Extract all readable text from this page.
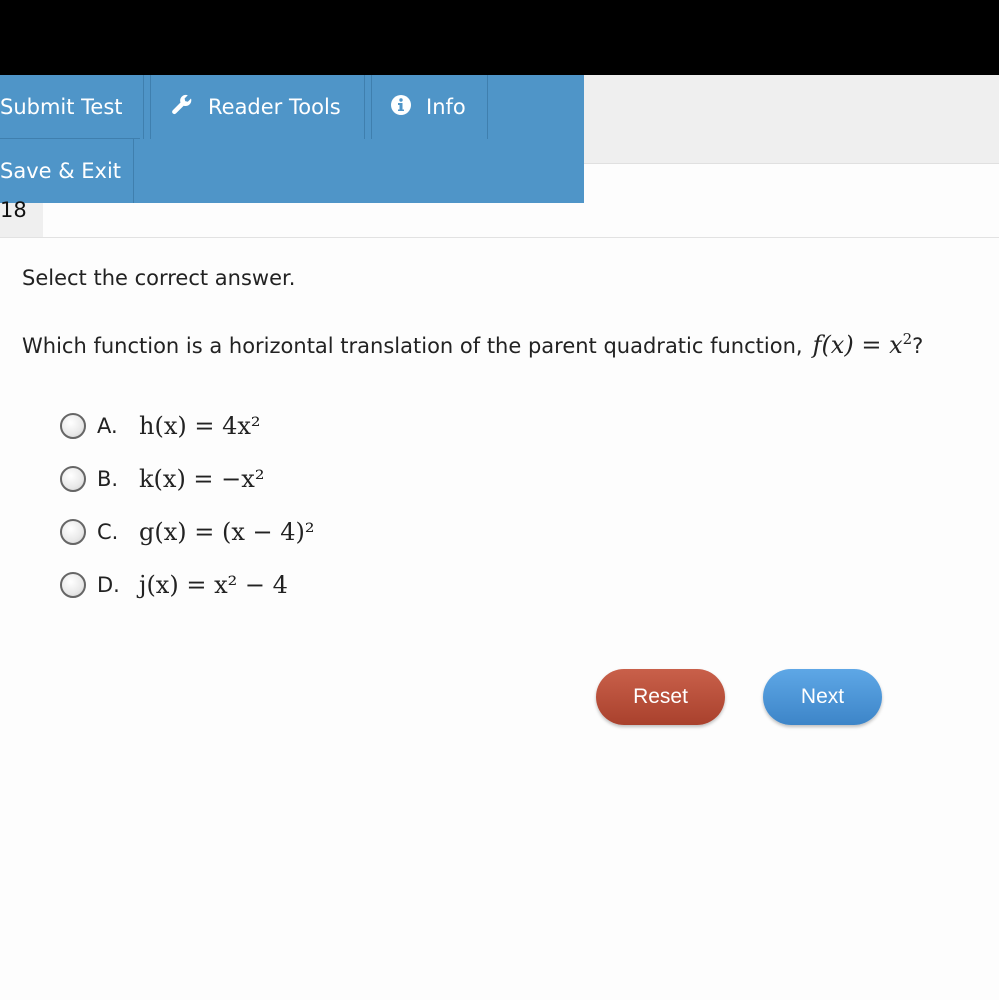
Submit Test	Reader Tools	Info
Save & Exit
18
Select the correct answer.
Which function is a horizontal translation of the parent quadratic function, $f(x) = x^2$ ?
A. h(x) = 4x²
B. k(x) = −x²
C. g(x) = (x − 4)²
D. j(x) = x² − 4
Reset	Next
